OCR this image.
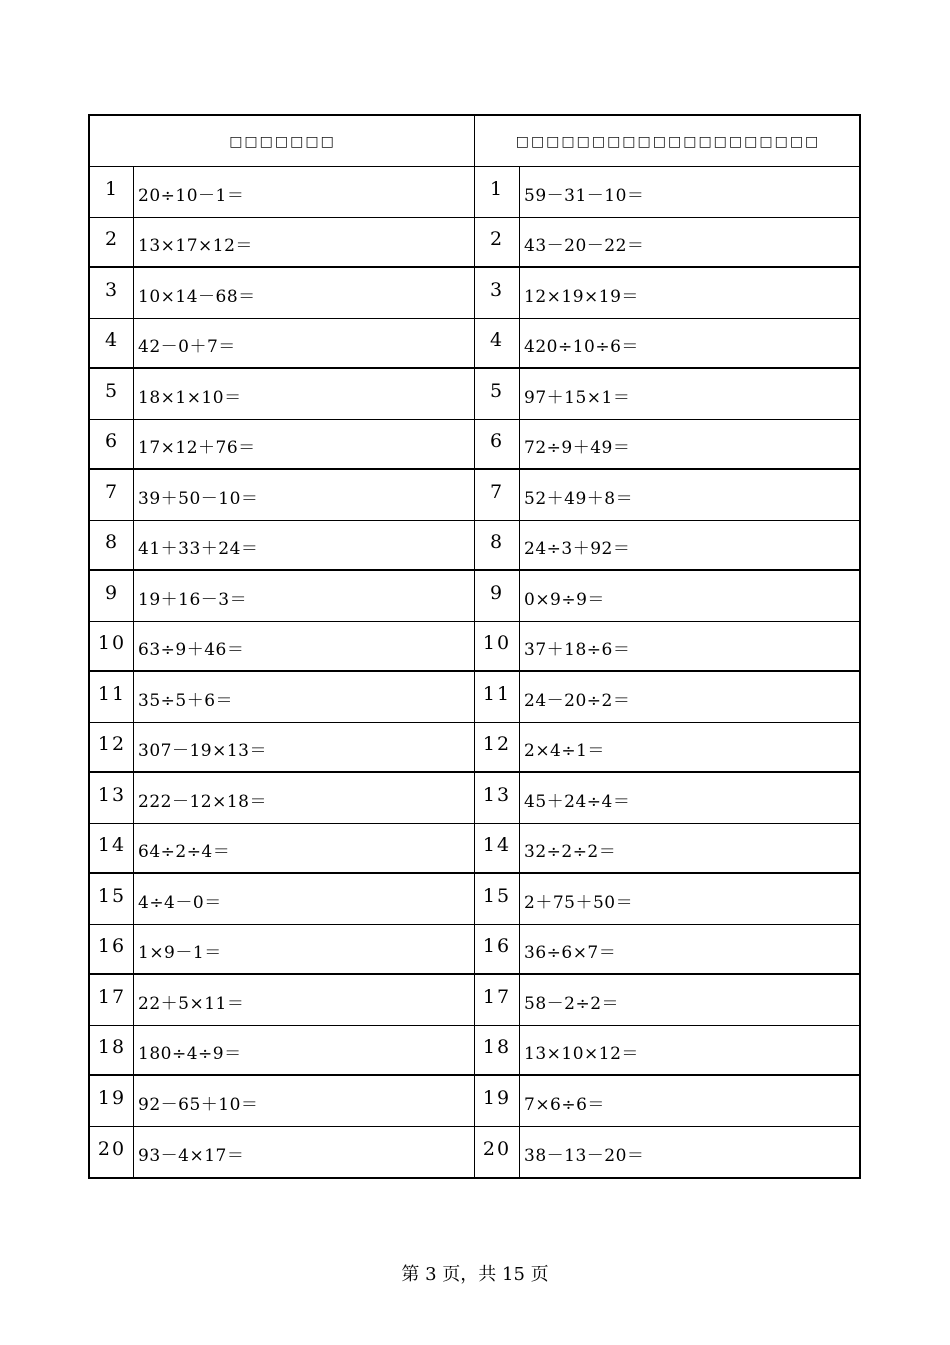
□□□□□□□	□□□□□□□□□□□□□□□□□□□□
1	20÷10－1＝	1	59－31－10＝
2	13×17×12＝	2	43－20－22＝
3	10×14－68＝	3	12×19×19＝
4	42－0＋7＝	4	420÷10÷6＝
5	18×1×10＝	5	97＋15×1＝
6	17×12＋76＝	6	72÷9＋49＝
7	39＋50－10＝	7	52＋49＋8＝
8	41＋33＋24＝	8	24÷3＋92＝
9	19＋16－3＝	9	0×9÷9＝
10 63÷9＋46＝	10 37＋18÷6＝
11 35÷5＋6＝	11 24－20÷2＝
12 307－19×13＝	12 2×4÷1＝
13 222－12×18＝	13 45＋24÷4＝
14 64÷2÷4＝	14 32÷2÷2＝
15 4÷4－0＝	15 2＋75＋50＝
16 1×9－1＝	16 36÷6×7＝
17 22＋5×11＝	17 58－2÷2＝
18 180÷4÷9＝	18 13×10×12＝
19 92－65＋10＝	19 7×6÷6＝
20 93－4×17＝	20 38－13－20＝
第 3 页，共 15 页
